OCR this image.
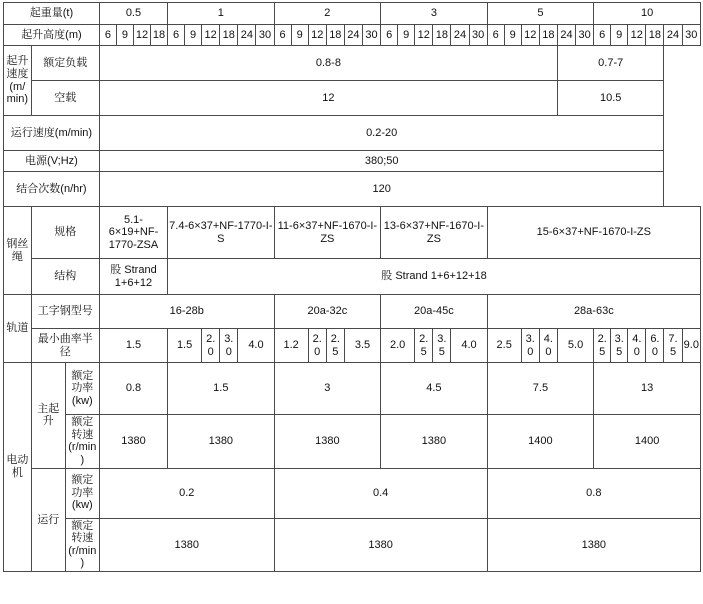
起重量(t)			0.5				1						2						3						5						10					
起升高度(m)			6	9	12	18	6	9	12	18	24	30	6	9	12	18	24	30	6	9	12	18	24	30	6	9	12	18	24	30	6	9	12	18	24	30
起升速度(m/min)	额定负载		0.8-8																										0.7-7							
	空载		12																										10.5							
运行速度(m/min)			0.2-20																																	
电源(V;Hz)			380;50																																	
结合次数(n/hr)			120																																	
钢丝绳	规格		5.1-6×19+NF-1770-ZSA				7.4-6×37+NF-1770-I-S						11-6×37+NF-1670-I-ZS						13-6×37+NF-1670-I-ZS						15-6×37+NF-1670-I-ZS											
	结构		股 Strand 1+6+12				股 Strand 1+6+12+18																													
轨道	工字钢型号		16-28b										20a-32c						20a-45c						28a-63c											
	最小曲率半径		1.5				1.5		2.0	3.0	4.0		1.2		2.0	2.5	3.5		2.0		2.5	3.5	4.0		2.5		3.0	4.0	5.0		2.5	3.5	4.0	6.0	7.5	9.0
电动机	主起升	额定功率(kw)	0.8				1.5						3						4.5						7.5						13					
		额定转速(r/min)	1380				1380						1380						1380						1400						1400					
	运行	额定功率(kw)	0.2										0.4												0.8											
		额定转速(r/min)	1380										1380												1380											
